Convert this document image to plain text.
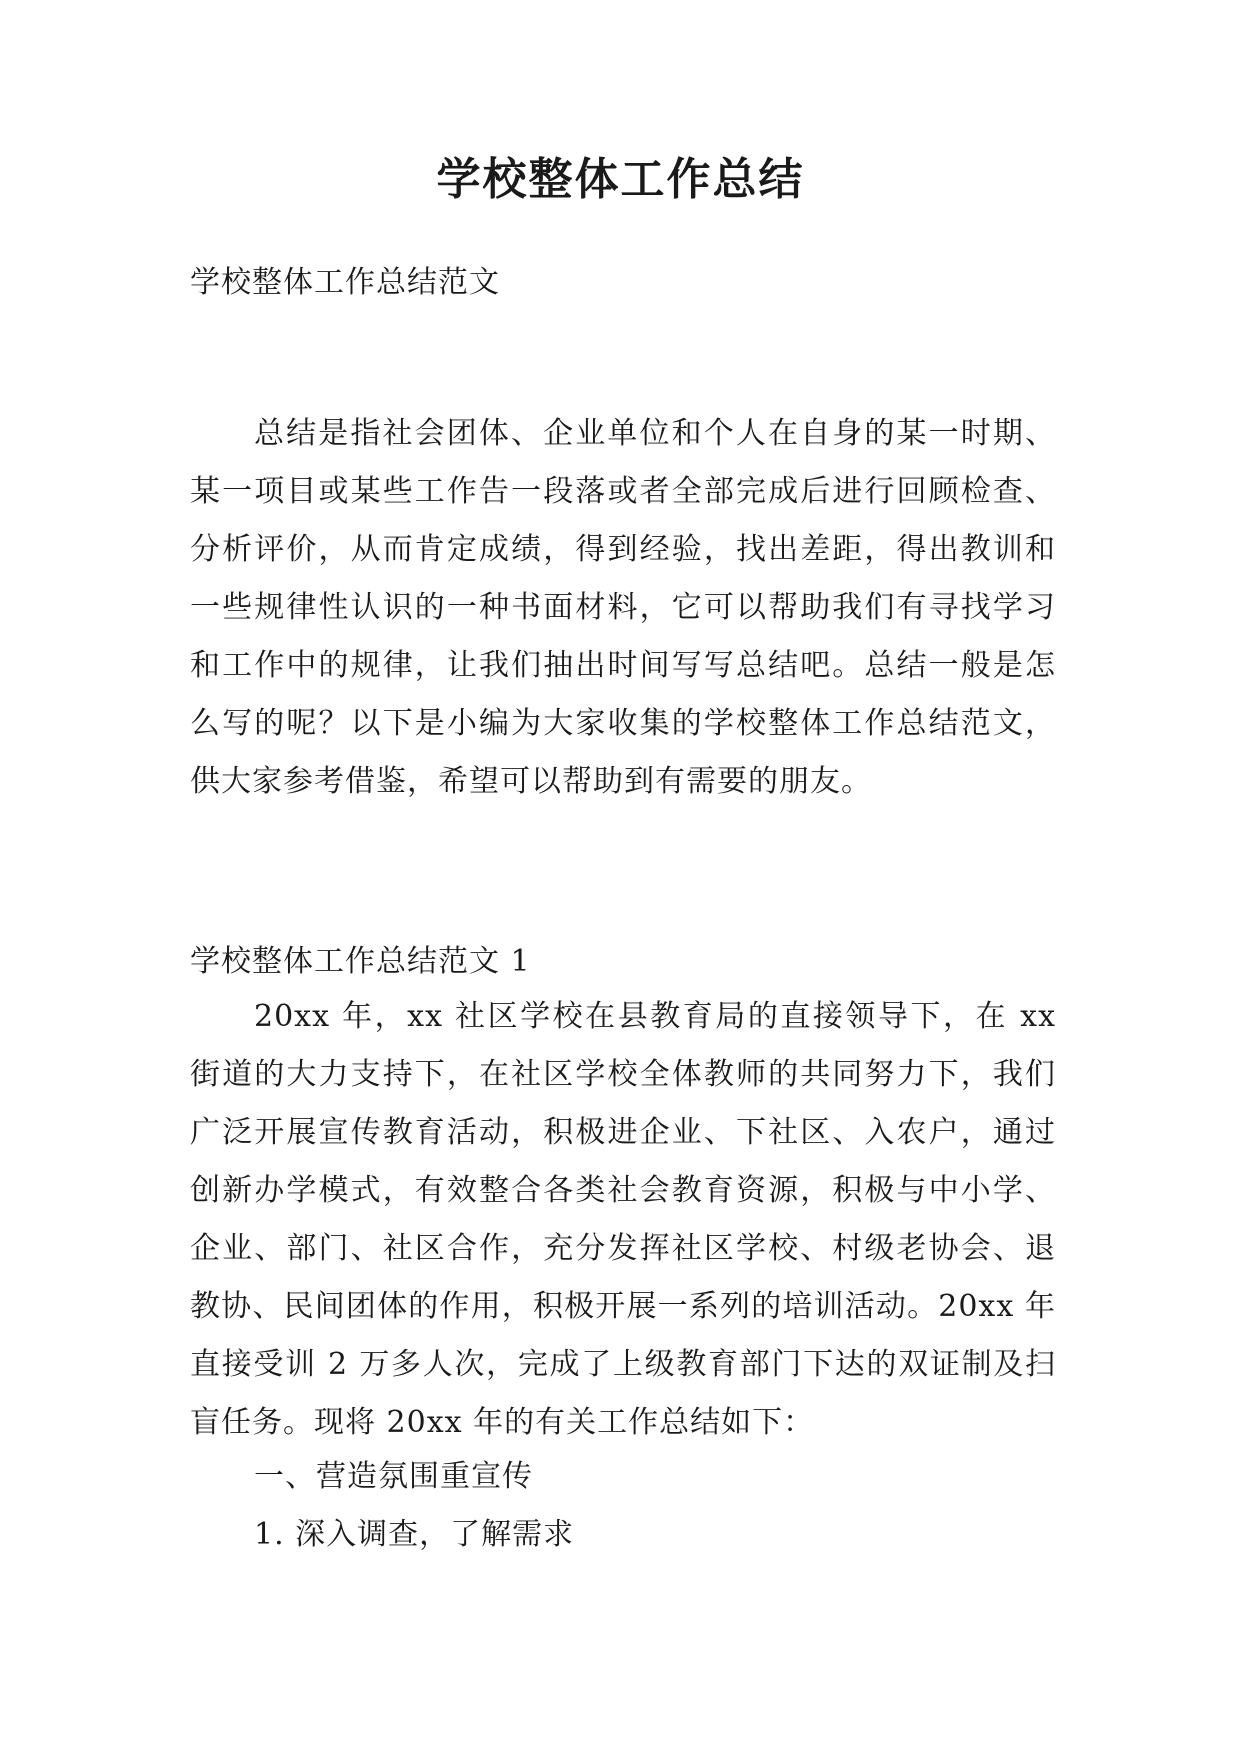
学校整体工作总结

学校整体工作总结范文

总结是指社会团体、企业单位和个人在自身的某一时期、某一项目或某些工作告一段落或者全部完成后进行回顾检查、分析评价，从而肯定成绩，得到经验，找出差距，得出教训和一些规律性认识的一种书面材料，它可以帮助我们有寻找学习和工作中的规律，让我们抽出时间写写总结吧。总结一般是怎么写的呢？以下是小编为大家收集的学校整体工作总结范文，供大家参考借鉴，希望可以帮助到有需要的朋友。

学校整体工作总结范文 1

20xx 年，xx 社区学校在县教育局的直接领导下，在 xx 街道的大力支持下，在社区学校全体教师的共同努力下，我们广泛开展宣传教育活动，积极进企业、下社区、入农户，通过创新办学模式，有效整合各类社会教育资源，积极与中小学、企业、部门、社区合作，充分发挥社区学校、村级老协会、退教协、民间团体的作用，积极开展一系列的培训活动。20xx 年直接受训 2 万多人次，完成了上级教育部门下达的双证制及扫盲任务。现将 20xx 年的有关工作总结如下：

一、营造氛围重宣传

1. 深入调查，了解需求
